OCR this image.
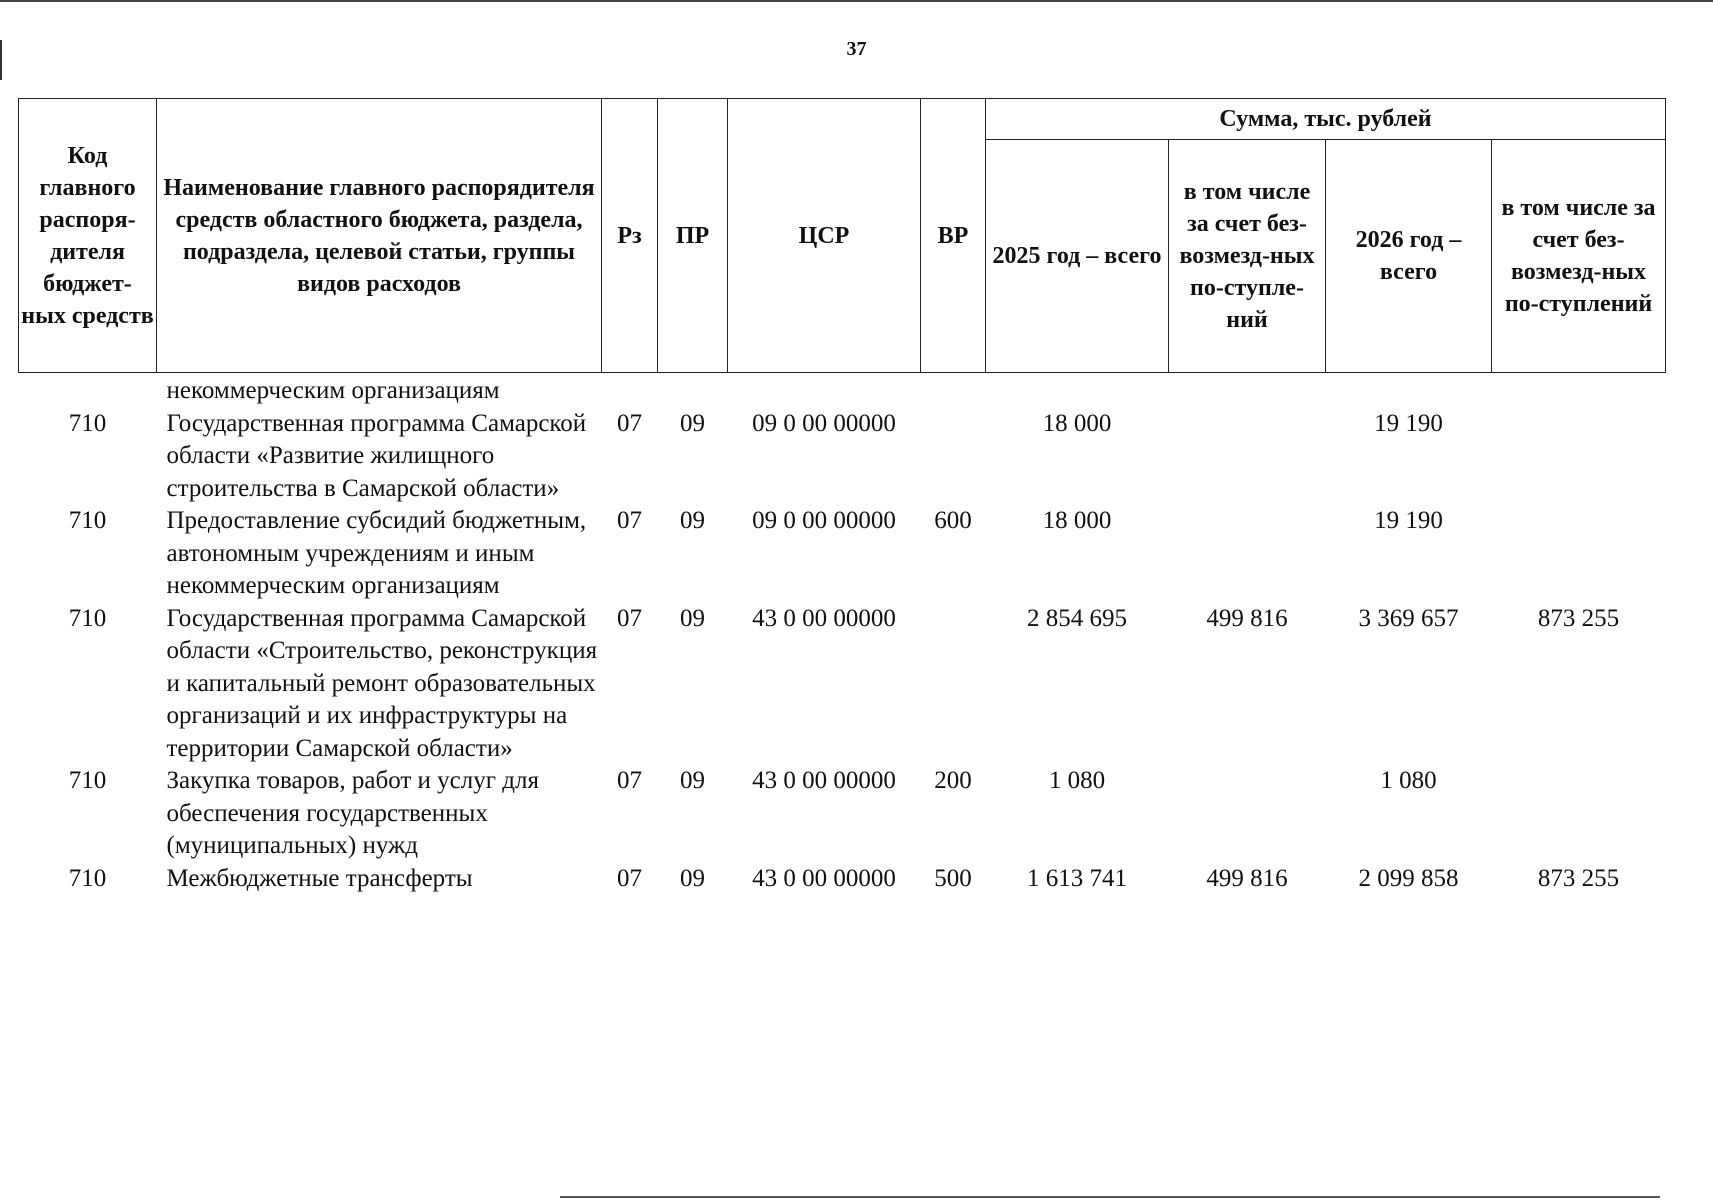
37
Код главного распоря-дителя бюджет-ных средств	Наименование главного распорядителя средств областного бюджета, раздела, подраздела, целевой статьи, группы видов расходов	Рз	ПР	ЦСР	ВР	Сумма, тыс. рублей			
						2025 год – всего	в том числе за счет без-возмезд-ных по-ступле-ний	2026 год – всего	в том числе за счет без-возмезд-ных по-ступлений
	некоммерческим организациям								
710	Государственная программа Самарской области «Развитие жилищного строительства в Самарской области»	07	09	09 0 00 00000		18 000		19 190	
710	Предоставление субсидий бюджетным, автономным учреждениям и иным некоммерческим организациям	07	09	09 0 00 00000	600	18 000		19 190	
710	Государственная программа Самарской области «Строительство, реконструкция и капитальный ремонт образовательных организаций и их инфраструктуры на территории Самарской области»	07	09	43 0 00 00000		2 854 695	499 816	3 369 657	873 255
710	Закупка товаров, работ и услуг для обеспечения государственных (муниципальных) нужд	07	09	43 0 00 00000	200	1 080		1 080	
710	Межбюджетные трансферты	07	09	43 0 00 00000	500	1 613 741	499 816	2 099 858	873 255
